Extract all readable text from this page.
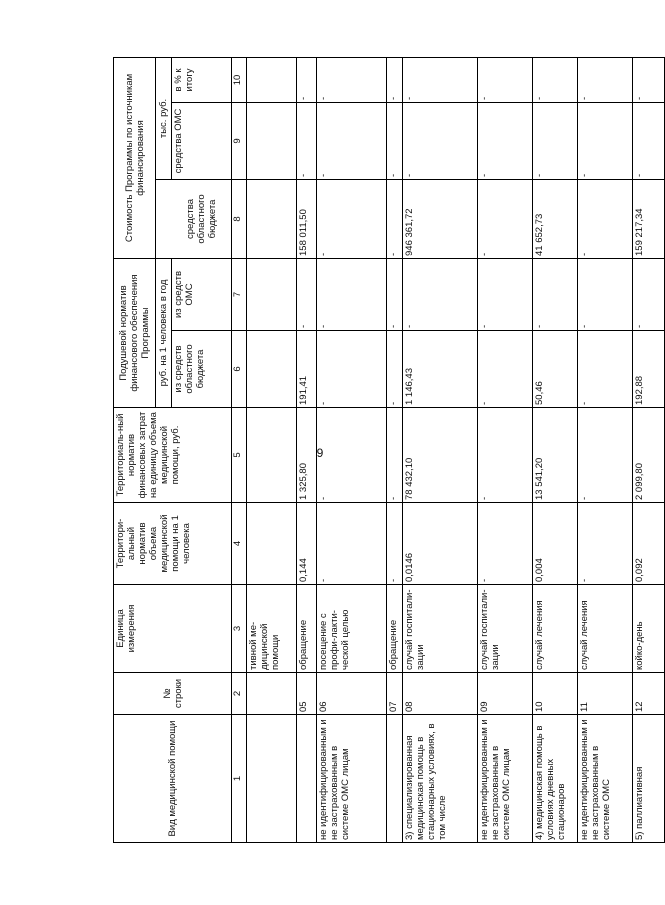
9
Вид медицинской помощи	№ строки	Единица измерения	Территори-альный норматив объема медицинской помощи на 1 человека	Территориаль-ный норматив финансовых затрат на единицу объема медицинской помощи, руб.	Подушевой норматив финансового обеспечения Программы		Стоимость Программы по источникам финансирования		
					руб. на 1 человека в год			тыс. руб.	
					из средств областного бюджета	из средств ОМС	средства областного бюджета	средства ОМС	в % к итогу
1	2	3	4	5	6	7	8	9	10
		тивной ме-дицинской помощи							
	05	обращение	0,144	1 325,80	191,41	-	158 011,50	-	-
не идентифицированным и не застрахованным в системе ОМС лицам	06	посещение с профи-лакти-ческой целью	-	-	-	-	-	-	-
	07	обращение	-	-	-	-	-	-	-
3) специализированная медицинская помощь в стационарных условиях, в том числе	08	случай госпитали-зации	0,0146	78 432,10	1 146,43	-	946 361,72	-	-
не идентифицированным и не застрахованным в системе ОМС лицам	09	случай госпитали-зации	-	-	-	-	-	-	-
4) медицинская помощь в условиях дневных стационаров	10	случай лечения	0,004	13 541,20	50,46	-	41 652,73	-	-
не идентифицированным и не застрахованным в системе ОМС	11	случай лечения	-	-	-	-	-	-	-
5) паллиативная	12	койко-день	0,092	2 099,80	192,88	-	159 217,34	-	-
